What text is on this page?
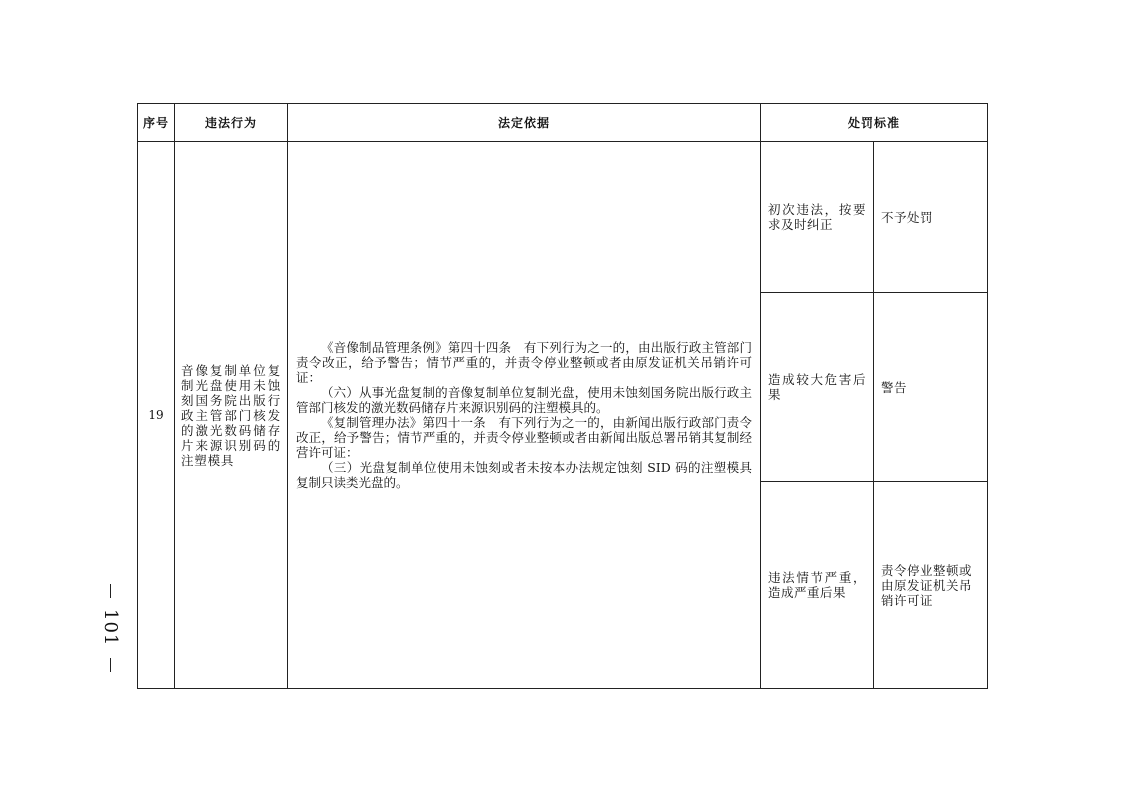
101
序号	违法行为	法定依据	处罚标准	
19	音像复制单位复制光盘使用未蚀刻国务院出版行政主管部门核发的激光数码储存片来源识别码的注塑模具	《音像制品管理条例》第四十四条　有下列行为之一的，由出版行政主管部门责令改正，给予警告；情节严重的，并责令停业整顿或者由原发证机关吊销许可证：

（六）从事光盘复制的音像复制单位复制光盘，使用未蚀刻国务院出版行政主管部门核发的激光数码储存片来源识别码的注塑模具的。

《复制管理办法》第四十一条　有下列行为之一的，由新闻出版行政部门责令改正，给予警告；情节严重的，并责令停业整顿或者由新闻出版总署吊销其复制经营许可证：

（三）光盘复制单位使用未蚀刻或者未按本办法规定蚀刻 SID 码的注塑模具复制只读类光盘的。	初次违法，按要求及时纠正	不予处罚
			造成较大危害后果	警告
			违法情节严重，造成严重后果	责令停业整顿或由原发证机关吊销许可证
